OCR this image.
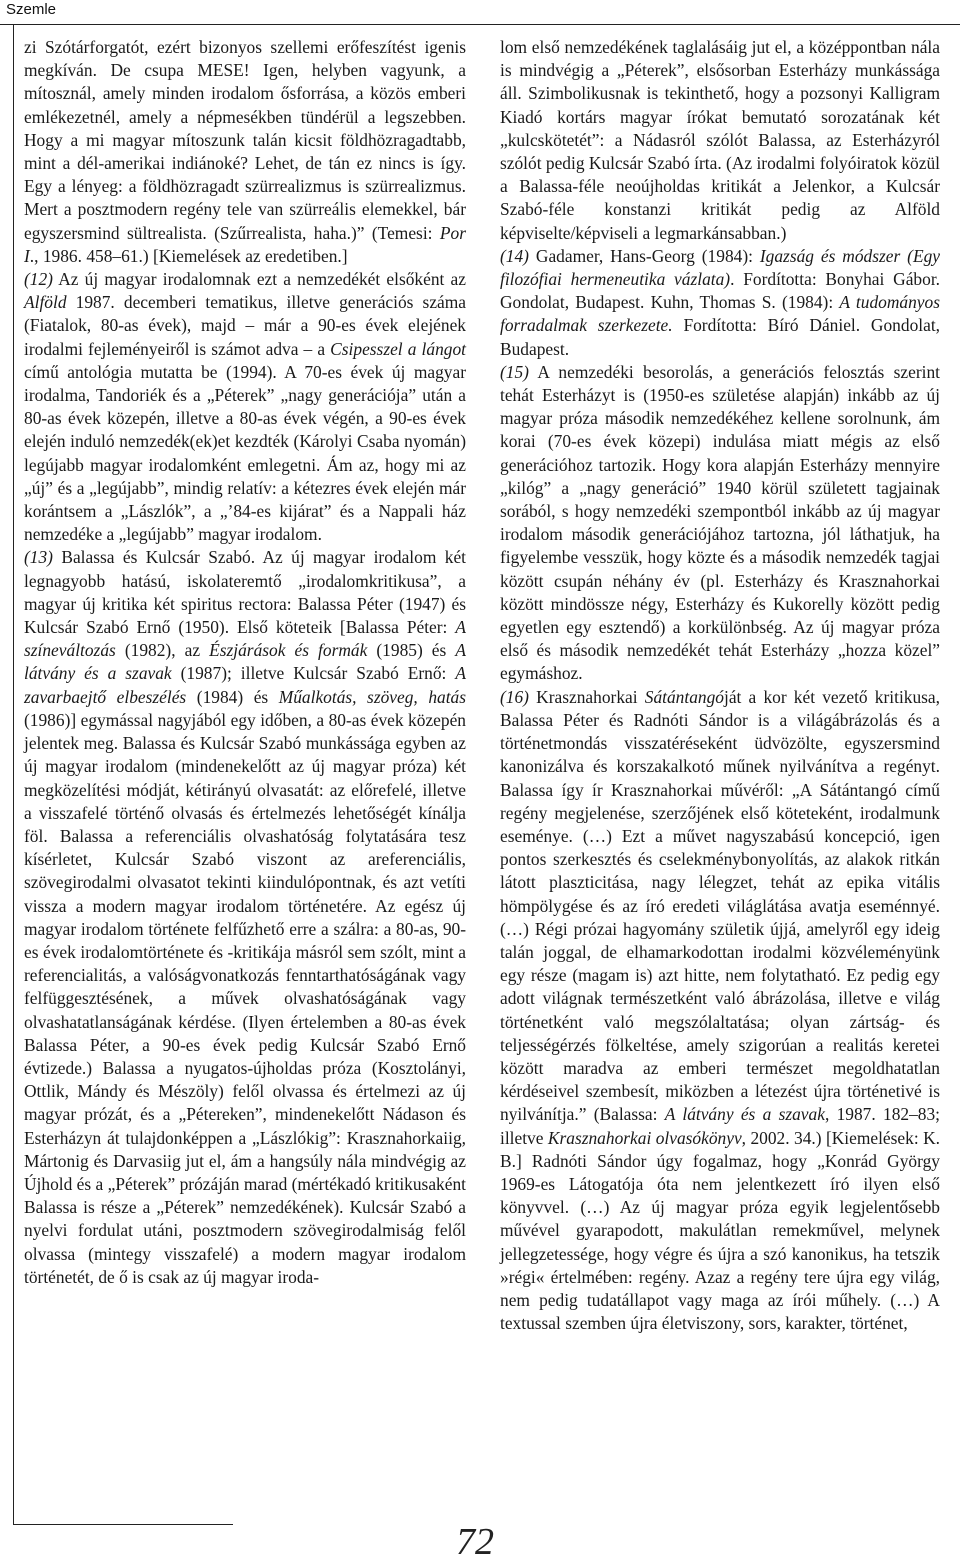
Szemle

zi Szótárforgatót, ezért bizonyos szellemi erőfeszítést igenis megkíván. De csupa MESE! Igen, helyben vagyunk, a mítosznál, amely minden irodalom ősforrása, a közös emberi emlékezetnél, amely a népmesékben tündérül a legszebben. Hogy a mi magyar mítoszunk talán kicsit földhözragadtabb, mint a dél-amerikai indiánoké? Lehet, de tán ez nincs is így. Egy a lényeg: a földhözragadt szürrealizmus is szürrealizmus. Mert a posztmodern regény tele van szürreális elemekkel, bár egyszersmind sültrealista. (Szűrrealista, haha.)” (Temesi: Por I., 1986. 458–61.) [Kiemelések az eredetiben.]

(12) Az új magyar irodalomnak ezt a nemzedékét elsőként az Alföld 1987. decemberi tematikus, illetve generációs száma (Fiatalok, 80-as évek), majd – már a 90-es évek elejének irodalmi fejleményeiről is számot adva – a Csipesszel a lángot című antológia mutatta be (1994). A 70-es évek új magyar irodalma, Tandoriék és a „Péterek” „nagy generációja” után a 80-as évek közepén, illetve a 80-as évek végén, a 90-es évek elején induló nemzedék(ek)et kezdték (Károlyi Csaba nyomán) legújabb magyar irodalomként emlegetni. Ám az, hogy mi az „új” és a „legújabb”, mindig relatív: a kétezres évek elején már korántsem a „Lászlók”, a „’84-es kijárat” és a Nappali ház nemzedéke a „legújabb” magyar irodalom.

(13) Balassa és Kulcsár Szabó. Az új magyar irodalom két legnagyobb hatású, iskolateremtő „irodalomkritikusa”, a magyar új kritika két spiritus rectora: Balassa Péter (1947) és Kulcsár Szabó Ernő (1950). Első köteteik [Balassa Péter: A színeváltozás (1982), az Észjárások és formák (1985) és A látvány és a szavak (1987); illetve Kulcsár Szabó Ernő: A zavarbaejtő elbeszélés (1984) és Műalkotás, szöveg, hatás (1986)] egymással nagyjából egy időben, a 80-as évek közepén jelentek meg. Balassa és Kulcsár Szabó munkássága egyben az új magyar irodalom (mindenekelőtt az új magyar próza) két megközelítési módját, kétirányú olvasatát: az előrefelé, illetve a visszafelé történő olvasás és értelmezés lehetőségét kínálja föl. Balassa a referenciális olvashatóság folytatására tesz kísérletet, Kulcsár Szabó viszont az areferenciális, szövegirodalmi olvasatot tekinti kiindulópontnak, és azt vetíti vissza a modern magyar irodalom történetére. Az egész új magyar irodalom története felfűzhető erre a szálra: a 80-as, 90-es évek irodalomtörténete és -kritikája másról sem szólt, mint a referencialitás, a valóságvonatkozás fenntarthatóságának vagy felfüggesztésének, a művek olvashatóságának vagy olvashatatlanságának kérdése. (Ilyen értelemben a 80-as évek Balassa Péter, a 90-es évek pedig Kulcsár Szabó Ernő évtizede.) Balassa a nyugatos-újholdas próza (Kosztolányi, Ottlik, Mándy és Mészöly) felől olvassa és értelmezi az új magyar prózát, és a „Pétereken”, mindenekelőtt Nádason és Esterházyn át tulajdonképpen a „Lászlókig”: Krasznahorkaiig, Mártonig és Darvasiig jut el, ám a hangsúly nála mindvégig az Újhold és a „Péterek” prózáján marad (mértékadó kritikusaként Balassa is része a „Péterek” nemzedékének). Kulcsár Szabó a nyelvi fordulat utáni, posztmodern szövegirodalmiság felől olvassa (mintegy visszafelé) a modern magyar irodalom történetét, de ő is csak az új magyar iroda-

lom első nemzedékének taglalásáig jut el, a középpontban nála is mindvégig a „Péterek”, elsősorban Esterházy munkássága áll. Szimbolikusnak is tekinthető, hogy a pozsonyi Kalligram Kiadó kortárs magyar írókat bemutató sorozatának két „kulcskötetét”: a Nádasról szólót Balassa, az Esterházyról szólót pedig Kulcsár Szabó írta. (Az irodalmi folyóiratok közül a Balassa-féle neoújholdas kritikát a Jelenkor, a Kulcsár Szabó-féle konstanzi kritikát pedig az Alföld képviselte/képviseli a legmarkánsabban.)

(14) Gadamer, Hans-Georg (1984): Igazság és módszer (Egy filozófiai hermeneutika vázlata). Fordította: Bonyhai Gábor. Gondolat, Budapest. Kuhn, Thomas S. (1984): A tudományos forradalmak szerkezete. Fordította: Bíró Dániel. Gondolat, Budapest.

(15) A nemzedéki besorolás, a generációs felosztás szerint tehát Esterházyt is (1950-es születése alapján) inkább az új magyar próza második nemzedékéhez kellene sorolnunk, ám korai (70-es évek közepi) indulása miatt mégis az első generációhoz tartozik. Hogy kora alapján Esterházy mennyire „kilóg” a „nagy generáció” 1940 körül született tagjainak sorából, s hogy nemzedéki szempontból inkább az új magyar irodalom második generációjához tartozna, jól láthatjuk, ha figyelembe vesszük, hogy közte és a második nemzedék tagjai között csupán néhány év (pl. Esterházy és Krasznahorkai között mindössze négy, Esterházy és Kukorelly között pedig egyetlen egy esztendő) a korkülönbség. Az új magyar próza első és második nemzedékét tehát Esterházy „hozza közel” egymáshoz.

(16) Krasznahorkai Sátántangóját a kor két vezető kritikusa, Balassa Péter és Radnóti Sándor is a világábrázolás és a történetmondás visszatéréseként üdvözölte, egyszersmind kanonizálva és korszakalkotó műnek nyilvánítva a regényt. Balassa így ír Krasznahorkai művéről: „A Sátántangó című regény megjelenése, szerzőjének első köteteként, irodalmunk eseménye. (…) Ezt a művet nagyszabású koncepció, igen pontos szerkesztés és cselekménybonyolítás, az alakok ritkán látott plaszticitása, nagy lélegzet, tehát az epika vitális hömpölygése és az író eredeti világlátása avatja eseménnyé. (…) Régi prózai hagyomány születik újjá, amelyről egy ideig talán joggal, de elhamarkodottan irodalmi közvéleményünk egy része (magam is) azt hitte, nem folytatható. Ez pedig egy adott világnak természetként való ábrázolása, illetve e világ történetként való megszólaltatása; olyan zártság- és teljességérzés fölkeltése, amely szigorúan a realitás keretei között maradva az emberi természet megoldhatatlan kérdéseivel szembesít, miközben a létezést újra történetivé is nyilvánítja.” (Balassa: A látvány és a szavak, 1987. 182–83; illetve Krasznahorkai olvasókönyv, 2002. 34.) [Kiemelések: K. B.] Radnóti Sándor úgy fogalmaz, hogy „Konrád György 1969-es Látogatója óta nem jelentkezett író ilyen első könyvvel. (…) Az új magyar próza egyik legjelentősebb művével gyarapodott, makulátlan remekművel, melynek jellegzetessége, hogy végre és újra a szó kanonikus, ha tetszik »régi« értelmében: regény. Azaz a regény tere újra egy világ, nem pedig tudatállapot vagy maga az írói műhely. (…) A textussal szemben újra életviszony, sors, karakter, történet,

72
